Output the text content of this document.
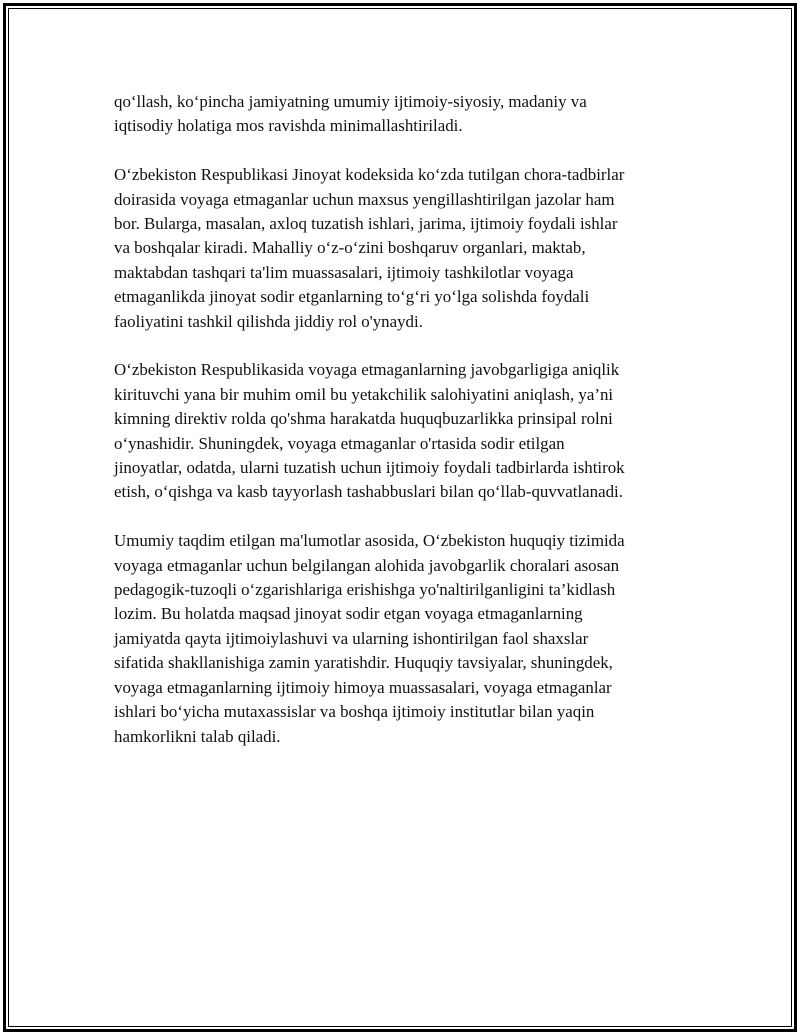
qo‘llash, ko‘pincha jamiyatning umumiy ijtimoiy-siyosiy, madaniy va
iqtisodiy holatiga mos ravishda minimallashtiriladi.

O‘zbekiston Respublikasi Jinoyat kodeksida ko‘zda tutilgan chora-tadbirlar
doirasida voyaga etmaganlar uchun maxsus yengillashtirilgan jazolar ham
bor. Bularga, masalan, axloq tuzatish ishlari, jarima, ijtimoiy foydali ishlar
va boshqalar kiradi. Mahalliy o‘z-o‘zini boshqaruv organlari, maktab,
maktabdan tashqari ta'lim muassasalari, ijtimoiy tashkilotlar voyaga
etmaganlikda jinoyat sodir etganlarning to‘g‘ri yo‘lga solishda foydali
faoliyatini tashkil qilishda jiddiy rol o'ynaydi.

O‘zbekiston Respublikasida voyaga etmaganlarning javobgarligiga aniqlik
kirituvchi yana bir muhim omil bu yetakchilik salohiyatini aniqlash, ya’ni
kimning direktiv rolda qo'shma harakatda huquqbuzarlikka prinsipal rolni
o‘ynashidir. Shuningdek, voyaga etmaganlar o'rtasida sodir etilgan
jinoyatlar, odatda, ularni tuzatish uchun ijtimoiy foydali tadbirlarda ishtirok
etish, o‘qishga va kasb tayyorlash tashabbuslari bilan qo‘llab-quvvatlanadi.

Umumiy taqdim etilgan ma'lumotlar asosida, O‘zbekiston huquqiy tizimida
voyaga etmaganlar uchun belgilangan alohida javobgarlik choralari asosan
pedagogik-tuzoqli o‘zgarishlariga erishishga yo'naltirilganligini ta’kidlash
lozim. Bu holatda maqsad jinoyat sodir etgan voyaga etmaganlarning
jamiyatda qayta ijtimoiylashuvi va ularning ishontirilgan faol shaxslar
sifatida shakllanishiga zamin yaratishdir. Huquqiy tavsiyalar, shuningdek,
voyaga etmaganlarning ijtimoiy himoya muassasalari, voyaga etmaganlar
ishlari bo‘yicha mutaxassislar va boshqa ijtimoiy institutlar bilan yaqin
hamkorlikni talab qiladi.
